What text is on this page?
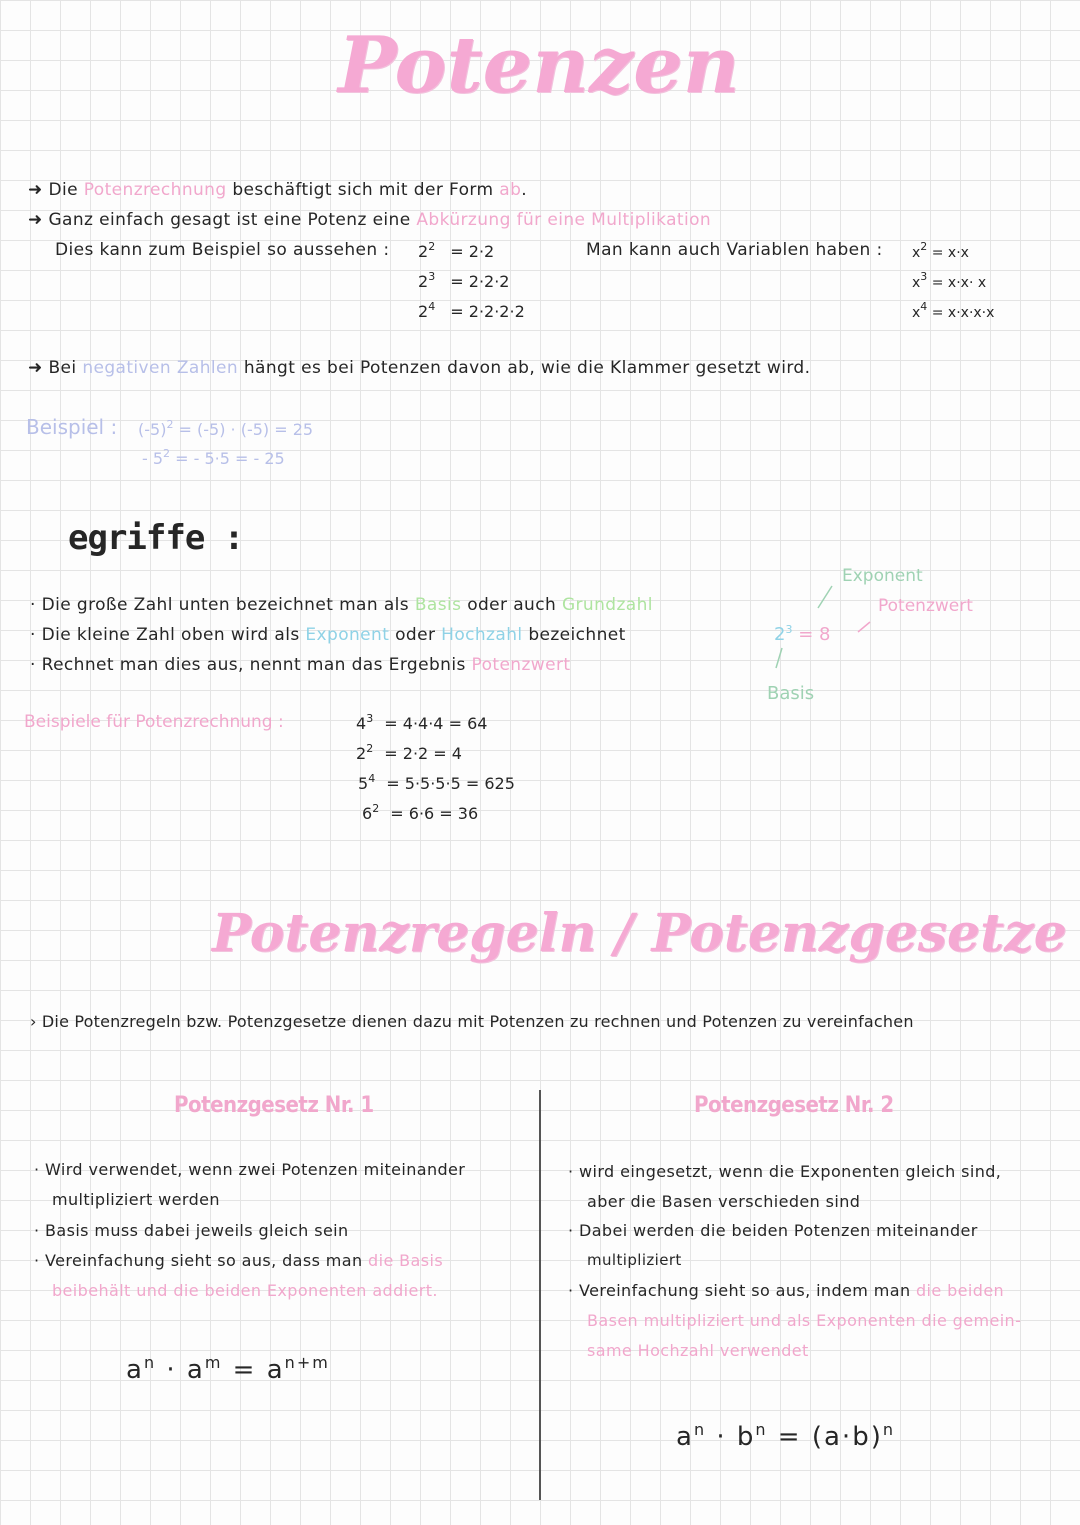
Potenzen
➜ Die Potenzrechnung beschäftigt sich mit der Form ab.
➜ Ganz einfach gesagt ist eine Potenz eine Abkürzung für eine Multiplikation
Dies kann zum Beispiel so aussehen : $2^2 = 2\cdot 2$
$2^3 = 2\cdot 2\cdot 2$
$2^4 = 2\cdot 2\cdot 2\cdot 2$
Man kann auch Variablen haben : $x^2 = x\cdot x$
$x^3 = x\cdot x\cdot x$
$x^4 = x\cdot x\cdot x\cdot x$
➜ Bei negativen Zahlen hängt es bei Potenzen davon ab, wie die Klammer gesetzt wird.
Beispiel : $(-5)^2 = (-5) \cdot (-5) = 25$
- $5^2$ = - 5·5 = - 25
egriffe :
· Die große Zahl unten bezeichnet man als Basis oder auch Grundzahl
· Die kleine Zahl oben wird als Exponent oder Hochzahl bezeichnet
· Rechnet man dies aus, nennt man das Ergebnis Potenzwert
Exponent
Potenzwert
$2^3 = 8$
Basis
Beispiele für Potenzrechnung :	$4^3 = 4\cdot 4\cdot 4 = 64$
$2^2 = 2\cdot 2 = 4$
$5^4 = 5\cdot 5\cdot 5\cdot 5 = 625$
$6^2 = 6\cdot 6 = 36$
Potenzregeln / Potenzgesetze
› Die Potenzregeln bzw. Potenzgesetze dienen dazu mit Potenzen zu rechnen und Potenzen zu vereinfachen
Potenzgesetz Nr. 1
· Wird verwendet, wenn zwei Potenzen miteinander
multipliziert werden
· Basis muss dabei jeweils gleich sein
· Vereinfachung sieht so aus, dass man die Basis
beibehält und die beiden Exponenten addiert.
$a^n \cdot a^m = a^{n+m}$
Potenzgesetz Nr. 2
· wird eingesetzt, wenn die Exponenten gleich sind,
aber die Basen verschieden sind
· Dabei werden die beiden Potenzen miteinander
multipliziert
· Vereinfachung sieht so aus, indem man die beiden
Basen multipliziert und als Exponenten die gemein-
same Hochzahl verwendet
$a^n \cdot b^n = (a\cdot b)^n$
